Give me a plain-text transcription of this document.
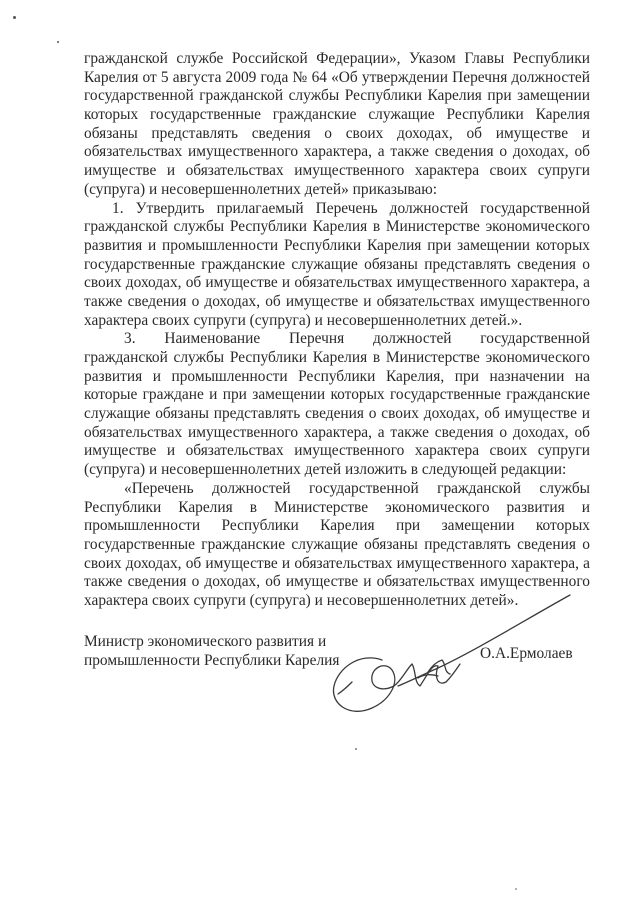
гражданской службе Российской Федерации», Указом Главы Республики
Карелия от 5 августа 2009 года № 64 «Об утверждении Перечня должностей
государственной гражданской службы Республики Карелия при замещении
которых государственные гражданские служащие Республики Карелия
обязаны представлять сведения о своих доходах, об имуществе и
обязательствах имущественного характера, а также сведения о доходах, об
имуществе и обязательствах имущественного характера своих супруги
(супруга) и несовершеннолетних детей» приказываю:
1. Утвердить прилагаемый Перечень должностей государственной
гражданской службы Республики Карелия в Министерстве экономического
развития и промышленности Республики Карелия при замещении которых
государственные гражданские служащие обязаны представлять сведения о
своих доходах, об имуществе и обязательствах имущественного характера, а
также сведения о доходах, об имуществе и обязательствах имущественного
характера своих супруги (супруга) и несовершеннолетних детей.».
3. Наименование Перечня должностей государственной
гражданской службы Республики Карелия в Министерстве экономического
развития и промышленности Республики Карелия, при назначении на
которые граждане и при замещении которых государственные гражданские
служащие обязаны представлять сведения о своих доходах, об имуществе и
обязательствах имущественного характера, а также сведения о доходах, об
имуществе и обязательствах имущественного характера своих супруги
(супруга) и несовершеннолетних детей изложить в следующей редакции:
«Перечень должностей государственной гражданской службы
Республики Карелия в Министерстве экономического развития и
промышленности Республики Карелия при замещении которых
государственные гражданские служащие обязаны представлять сведения о
своих доходах, об имуществе и обязательствах имущественного характера, а
также сведения о доходах, об имуществе и обязательствах имущественного
характера своих супруги (супруга) и несовершеннолетних детей».
Министр экономического развития и
промышленности Республики Карелия	О.А.Ермолаев
